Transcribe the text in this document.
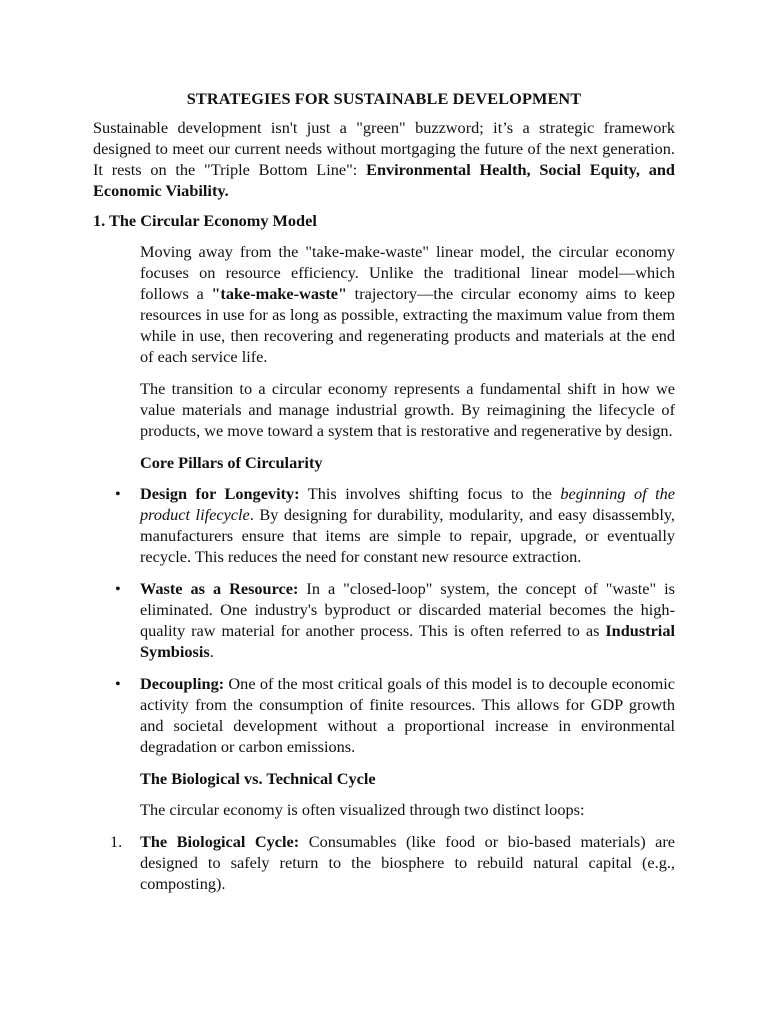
STRATEGIES FOR SUSTAINABLE DEVELOPMENT

Sustainable development isn't just a "green" buzzword; it’s a strategic framework designed to meet our current needs without mortgaging the future of the next generation. It rests on the "Triple Bottom Line": Environmental Health, Social Equity, and Economic Viability.

1. The Circular Economy Model

Moving away from the "take-make-waste" linear model, the circular economy focuses on resource efficiency. Unlike the traditional linear model—which follows a "take-make-waste" trajectory—the circular economy aims to keep resources in use for as long as possible, extracting the maximum value from them while in use, then recovering and regenerating products and materials at the end of each service life.

The transition to a circular economy represents a fundamental shift in how we value materials and manage industrial growth. By reimagining the lifecycle of products, we move toward a system that is restorative and regenerative by design.

Core Pillars of Circularity
• Design for Longevity: This involves shifting focus to the beginning of the product lifecycle. By designing for durability, modularity, and easy disassembly, manufacturers ensure that items are simple to repair, upgrade, or eventually recycle. This reduces the need for constant new resource extraction.

• Waste as a Resource: In a "closed-loop" system, the concept of "waste" is eliminated. One industry's byproduct or discarded material becomes the high-quality raw material for another process. This is often referred to as Industrial Symbiosis.

• Decoupling: One of the most critical goals of this model is to decouple economic activity from the consumption of finite resources. This allows for GDP growth and societal development without a proportional increase in environmental degradation or carbon emissions.

The Biological vs. Technical Cycle

The circular economy is often visualized through two distinct loops:

1. The Biological Cycle: Consumables (like food or bio-based materials) are designed to safely return to the biosphere to rebuild natural capital (e.g., composting).
